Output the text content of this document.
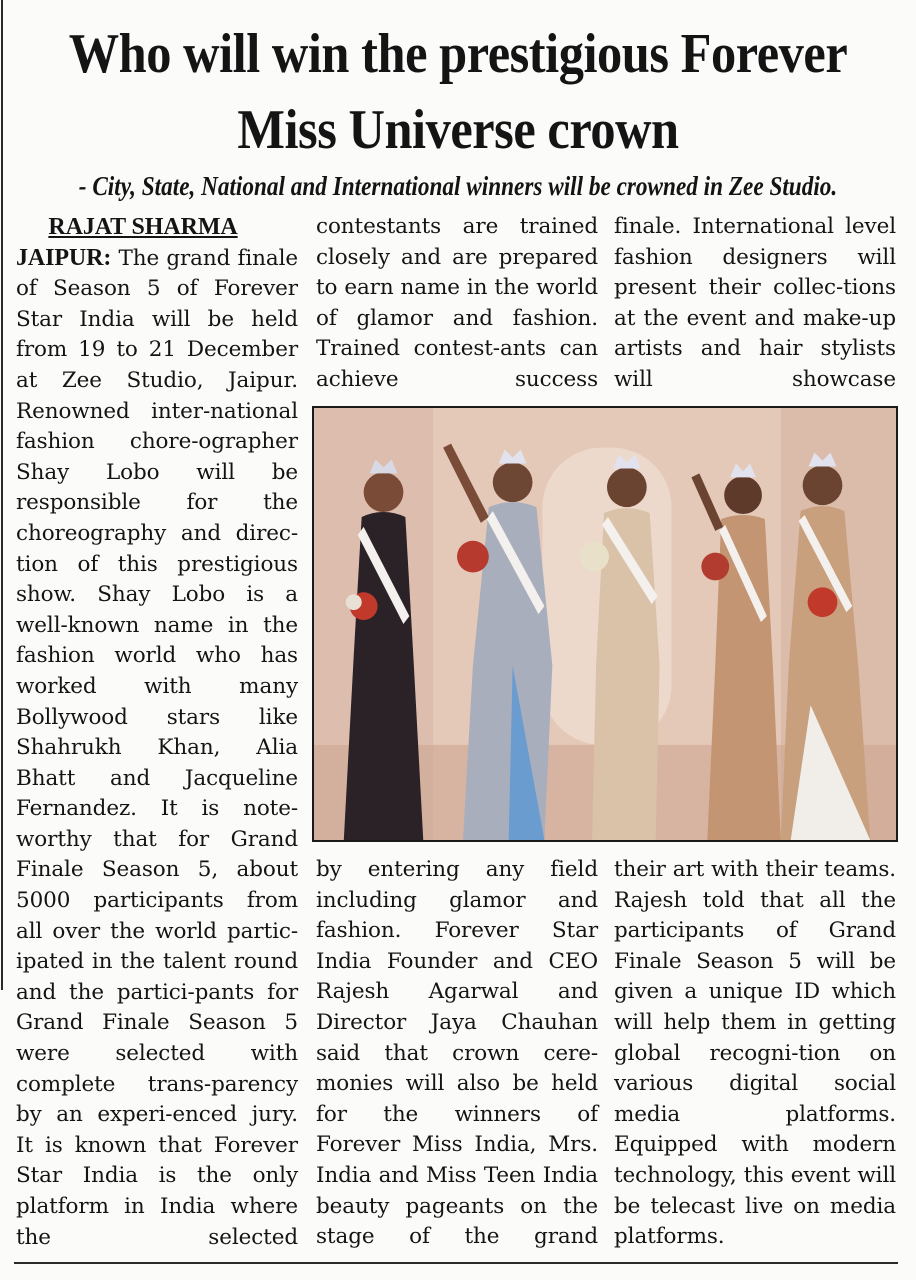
Who will win the prestigious Forever Miss Universe crown
- City, State, National and International winners will be crowned in Zee Studio.
RAJAT SHARMA
JAIPUR: The grand finale of Season 5 of Forever Star India will be held from 19 to 21 December at Zee Studio, Jaipur. Renowned inter-national fashion chore-ographer Shay Lobo will be responsible for the choreography and direc-tion of this prestigious show. Shay Lobo is a well-known name in the fashion world who has worked with many Bollywood stars like Shahrukh Khan, Alia Bhatt and Jacqueline Fernandez. It is note-worthy that for Grand Finale Season 5, about 5000 participants from all over the world partic-ipated in the talent round and the partici-pants for Grand Finale Season 5 were selected with complete trans-parency by an experi-enced jury. It is known that Forever Star India is the only platform in India where the selected
contestants are trained closely and are prepared to earn name in the world of glamor and fashion. Trained contest-ants can achieve success
finale. International level fashion designers will present their collec-tions at the event and make-up artists and hair stylists will showcase
by entering any field including glamor and fashion. Forever Star India Founder and CEO Rajesh Agarwal and Director Jaya Chauhan said that crown cere-monies will also be held for the winners of Forever Miss India, Mrs. India and Miss Teen India beauty pageants on the stage of the grand
their art with their teams. Rajesh told that all the participants of Grand Finale Season 5 will be given a unique ID which will help them in getting global recogni-tion on various digital social media platforms. Equipped with modern technology, this event will be telecast live on media platforms.
